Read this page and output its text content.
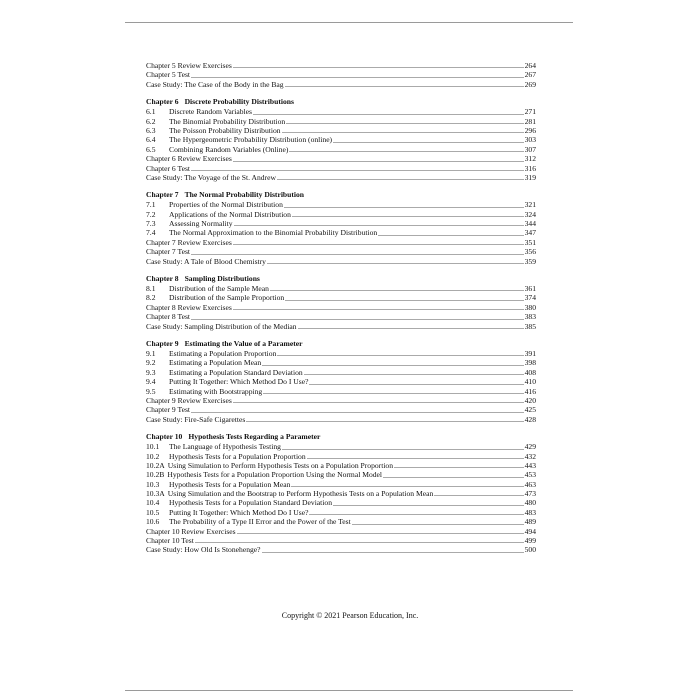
Chapter 5 Review Exercises	264
Chapter 5 Test	267
Case Study: The Case of the Body in the Bag	269
Chapter 6 Discrete Probability Distributions
6.1	Discrete Random Variables	271
6.2	The Binomial Probability Distribution	281
6.3	The Poisson Probability Distribution	296
6.4	The Hypergeometric Probability Distribution (online)	303
6.5	Combining Random Variables (Online)	307
Chapter 6 Review Exercises	312
Chapter 6 Test	316
Case Study: The Voyage of the St. Andrew	319
Chapter 7 The Normal Probability Distribution
7.1	Properties of the Normal Distribution	321
7.2	Applications of the Normal Distribution	324
7.3	Assessing Normality	344
7.4	The Normal Approximation to the Binomial Probability Distribution	347
Chapter 7 Review Exercises	351
Chapter 7 Test	356
Case Study: A Tale of Blood Chemistry	359
Chapter 8 Sampling Distributions
8.1	Distribution of the Sample Mean	361
8.2	Distribution of the Sample Proportion	374
Chapter 8 Review Exercises	380
Chapter 8 Test	383
Case Study: Sampling Distribution of the Median	385
Chapter 9 Estimating the Value of a Parameter
9.1	Estimating a Population Proportion	391
9.2	Estimating a Population Mean	398
9.3	Estimating a Population Standard Deviation	408
9.4	Putting It Together: Which Method Do I Use?	410
9.5	Estimating with Bootstrapping	416
Chapter 9 Review Exercises	420
Chapter 9 Test	425
Case Study: Fire-Safe Cigarettes	428
Chapter 10 Hypothesis Tests Regarding a Parameter
10.1	The Language of Hypothesis Testing	429
10.2	Hypothesis Tests for a Population Proportion	432
10.2A Using Simulation to Perform Hypothesis Tests on a Population Proportion	443
10.2B Hypothesis Tests for a Population Proportion Using the Normal Model	453
10.3	Hypothesis Tests for a Population Mean	463
10.3A Using Simulation and the Bootstrap to Perform Hypothesis Tests on a Population Mean	473
10.4	Hypothesis Tests for a Population Standard Deviation	480
10.5	Putting It Together: Which Method Do I Use?	483
10.6	The Probability of a Type II Error and the Power of the Test	489
Chapter 10 Review Exercises	494
Chapter 10 Test	499
Case Study: How Old Is Stonehenge?	500
Copyright © 2021 Pearson Education, Inc.
